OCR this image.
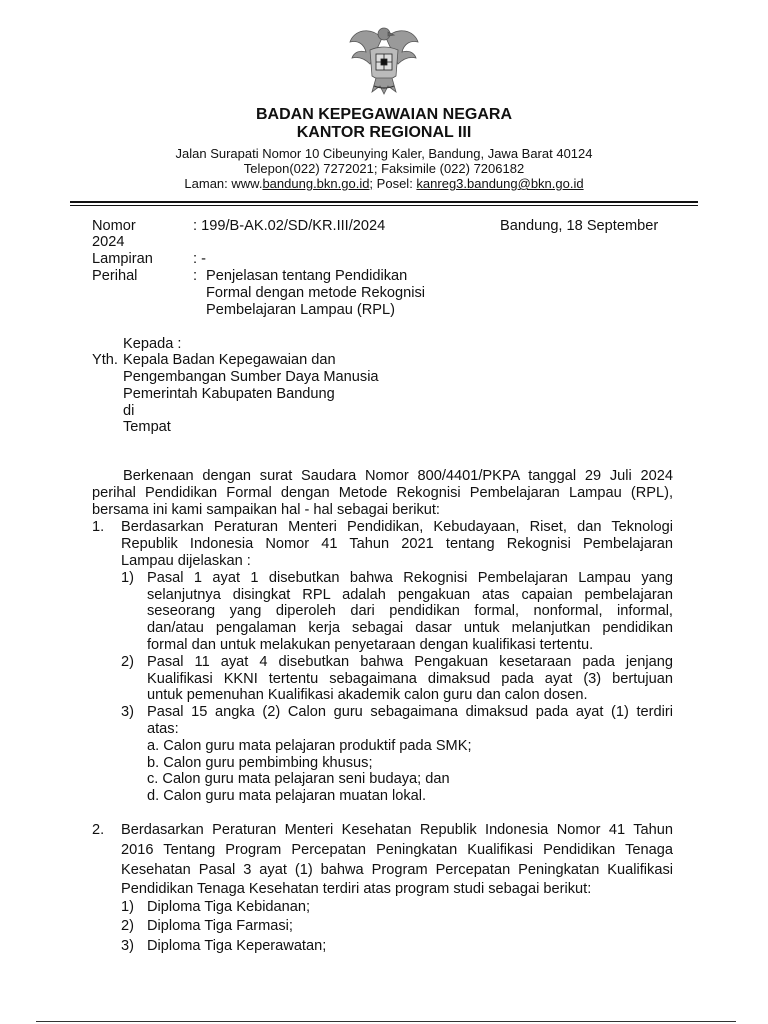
BADAN KEPEGAWAIAN NEGARA
KANTOR REGIONAL III
Jalan Surapati Nomor 10 Cibeunying Kaler, Bandung, Jawa Barat 40124
Telepon(022) 7272021; Faksimile (022) 7206182
Laman: www.bandung.bkn.go.id; Posel: kanreg3.bandung@bkn.go.id
Nomor	: 199/B-AK.02/SD/KR.III/2024	Bandung, 18 September
2024
Lampiran	: -
Perihal	: Penjelasan tentang Pendidikan
Formal dengan metode Rekognisi
Pembelajaran Lampau (RPL)
Kepada :
Yth. Kepala Badan Kepegawaian dan
Pengembangan Sumber Daya Manusia
Pemerintah Kabupaten Bandung
di
Tempat
Berkenaan dengan surat Saudara Nomor 800/4401/PKPA tanggal 29 Juli 2024
perihal Pendidikan Formal dengan Metode Rekognisi Pembelajaran Lampau (RPL),
bersama ini kami sampaikan hal - hal sebagai berikut:
1. Berdasarkan Peraturan Menteri Pendidikan, Kebudayaan, Riset, dan Teknologi
Republik Indonesia Nomor 41 Tahun 2021 tentang Rekognisi Pembelajaran
Lampau dijelaskan :
1) Pasal 1 ayat 1 disebutkan bahwa Rekognisi Pembelajaran Lampau yang
selanjutnya disingkat RPL adalah pengakuan atas capaian pembelajaran
seseorang yang diperoleh dari pendidikan formal, nonformal, informal,
dan/atau pengalaman kerja sebagai dasar untuk melanjutkan pendidikan
formal dan untuk melakukan penyetaraan dengan kualifikasi tertentu.
2) Pasal 11 ayat 4 disebutkan bahwa Pengakuan kesetaraan pada jenjang
Kualifikasi KKNI tertentu sebagaimana dimaksud pada ayat (3) bertujuan
untuk pemenuhan Kualifikasi akademik calon guru dan calon dosen.
3) Pasal 15 angka (2) Calon guru sebagaimana dimaksud pada ayat (1) terdiri
atas:
a. Calon guru mata pelajaran produktif pada SMK;
b. Calon guru pembimbing khusus;
c. Calon guru mata pelajaran seni budaya; dan
d. Calon guru mata pelajaran muatan lokal.
2. Berdasarkan Peraturan Menteri Kesehatan Republik Indonesia Nomor 41 Tahun
2016 Tentang Program Percepatan Peningkatan Kualifikasi Pendidikan Tenaga
Kesehatan Pasal 3 ayat (1) bahwa Program Percepatan Peningkatan Kualifikasi
Pendidikan Tenaga Kesehatan terdiri atas program studi sebagai berikut:
1) Diploma Tiga Kebidanan;
2) Diploma Tiga Farmasi;
3) Diploma Tiga Keperawatan;
